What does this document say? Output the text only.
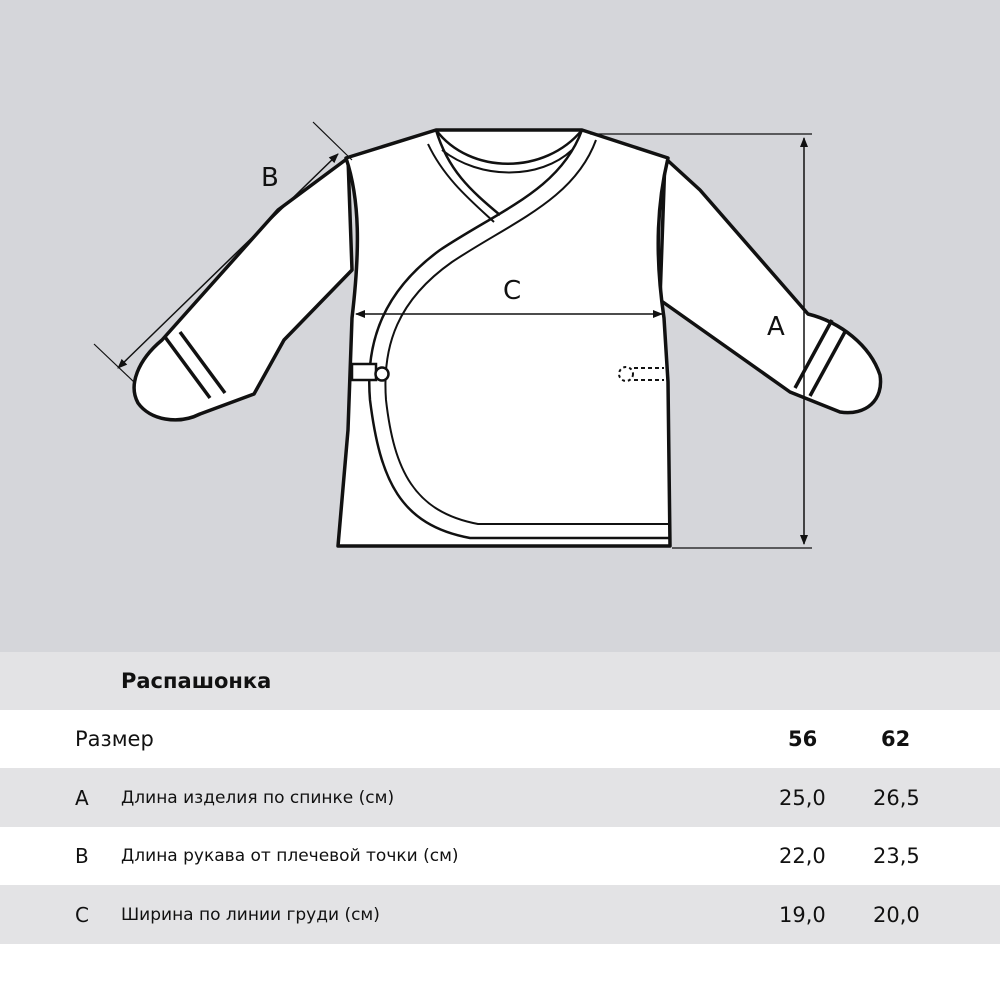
B
C
A
Распашонка
Размер	56	62
A Длина изделия по спинке (см)	25,0 26,5
B Длина рукава от плечевой точки (см)	22,0 23,5
C Ширина по линии груди (см)	19,0 20,0
